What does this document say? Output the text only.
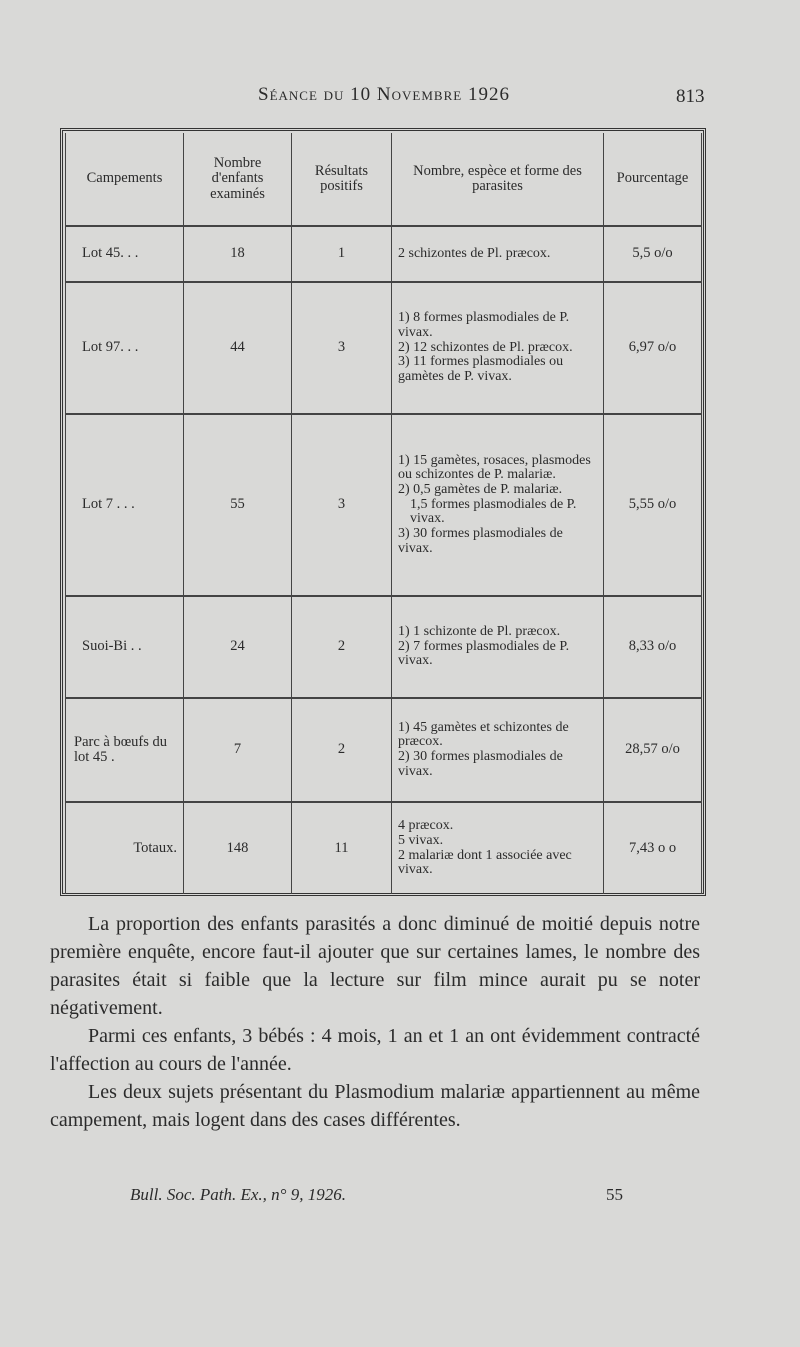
Séance du 10 Novembre 1926	813
Campements	Nombre d'enfants examinés	Résultats positifs	Nombre, espèce et forme des parasites	Pourcentage
Lot 45. . .	18	1	2 schizontes de Pl. præcox.	5,5 o/o
Lot 97. . .	44	3	1) 8 formes plasmodiales de P. vivax.
2) 12 schizontes de Pl. præcox.
3) 11 formes plasmodiales ou gamètes de P. vivax.	6,97 o/o
Lot 7 . . .	55	3	1) 15 gamètes, rosaces, plasmodes ou schizontes de P. malariæ.
2) 0,5 gamètes de P. malariæ.
1,5 formes plasmodiales de P. vivax.
3) 30 formes plasmodiales de vivax.	5,55 o/o
Suoi-Bi . .	24	2	1) 1 schizonte de Pl. præcox.
2) 7 formes plasmodiales de P. vivax.	8,33 o/o
Parc à bœufs du lot 45 .	7	2	1) 45 gamètes et schizontes de præcox.
2) 30 formes plasmodiales de vivax.	28,57 o/o
Totaux.	148	11	4 præcox.
5 vivax.
2 malariæ dont 1 associée avec vivax.	7,43 o o

La proportion des enfants parasités a donc diminué de moitié depuis notre première enquête, encore faut-il ajouter que sur certaines lames, le nombre des parasites était si faible que la lecture sur film mince aurait pu se noter négativement.

Parmi ces enfants, 3 bébés : 4 mois, 1 an et 1 an ont évidemment contracté l'affection au cours de l'année.

Les deux sujets présentant du Plasmodium malariæ appartiennent au même campement, mais logent dans des cases différentes.

Bull. Soc. Path. Ex., n° 9, 1926.	55
